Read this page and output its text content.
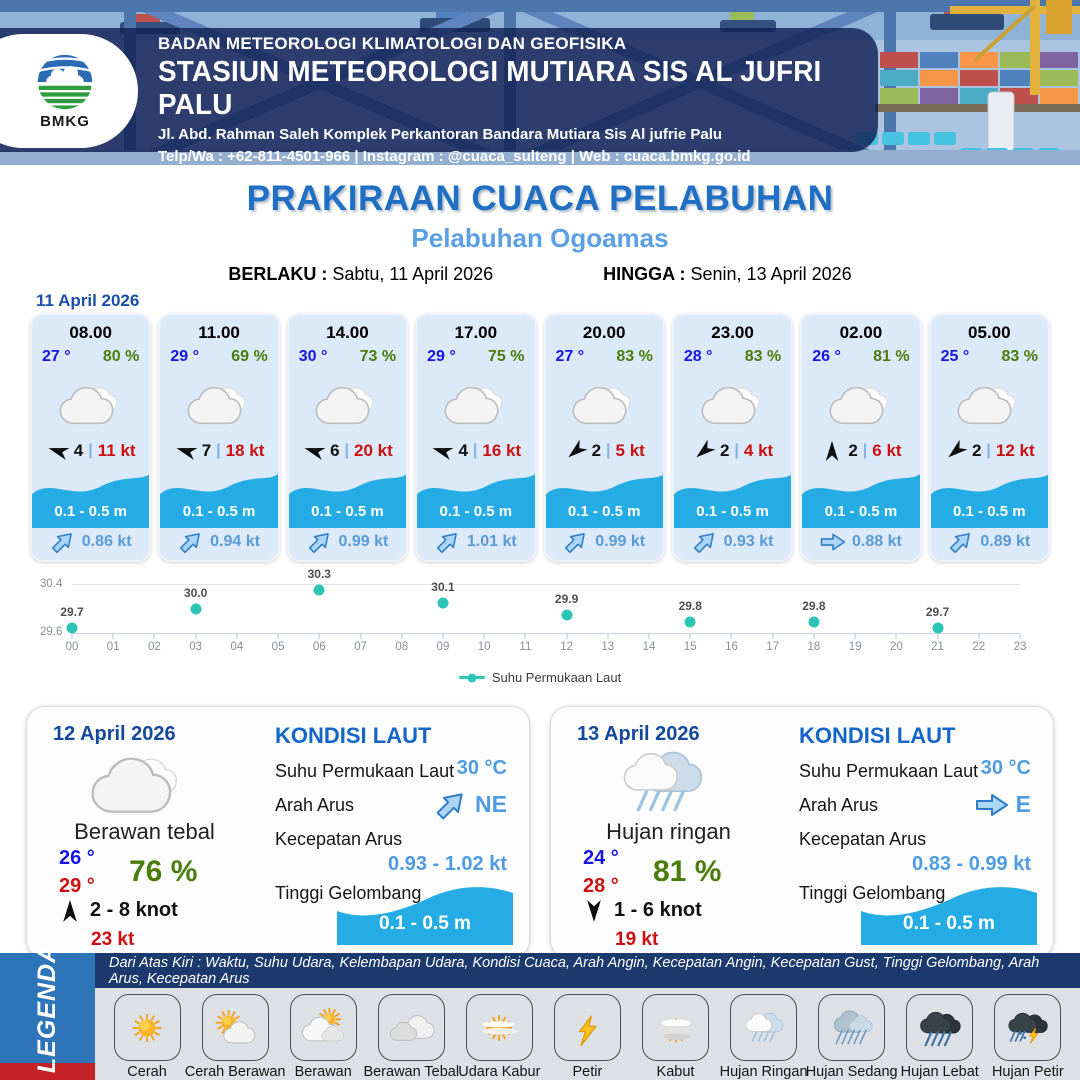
BMKG
BADAN METEOROLOGI KLIMATOLOGI DAN GEOFISIKA
STASIUN METEOROLOGI MUTIARA SIS AL JUFRI PALU
Jl. Abd. Rahman Saleh Komplek Perkantoran Bandara Mutiara Sis Al jufrie Palu
Telp/Wa : +62-811-4501-966 | Instagram : @cuaca_sulteng | Web : cuaca.bmkg.go.id
PRAKIRAAN CUACA PELABUHAN
Pelabuhan Ogoamas
BERLAKU : Sabtu, 11 April 2026	HINGGA : Senin, 13 April 2026
11 April 2026
08.00
27 ° 80 %
4 | 11 kt
0.1 - 0.5 m
0.86 kt
11.00
29 ° 69 %
7 | 18 kt
0.1 - 0.5 m
0.94 kt
14.00
30 ° 73 %
6 | 20 kt
0.1 - 0.5 m
0.99 kt
17.00
29 ° 75 %
4 | 16 kt
0.1 - 0.5 m
1.01 kt
20.00
27 ° 83 %
2 | 5 kt
0.1 - 0.5 m
0.99 kt
23.00
28 ° 83 %
2 | 4 kt
0.1 - 0.5 m
0.93 kt
02.00
26 ° 81 %
2 | 6 kt
0.1 - 0.5 m
0.88 kt
05.00
25 ° 83 %
2 | 12 kt
0.1 - 0.5 m
0.89 kt
29.7
30.0
30.3
30.1
29.9	29.8	29.8	29.7
30.4
29.6
00 01 02 03 04 05 06 07 08 09 10	11	12 13 14 15 16 17 18 19 20 21 22 23
Suhu Permukaan Laut
12 April 2026
Berawan tebal
26 °
29 ° 76 %
2 - 8 knot
23 kt
KONDISI LAUT
Suhu Permukaan Laut 30 °C
Arah Arus	NE
Kecepatan Arus
0.93 - 1.02 kt
Tinggi Gelombang
0.1 - 0.5 m
13 April 2026
Hujan ringan
24 °
28 ° 81 %
1 - 6 knot
19 kt
KONDISI LAUT
Suhu Permukaan Laut 30 °C
Arah Arus	E
Kecepatan Arus
0.83 - 0.99 kt
Tinggi Gelombang
0.1 - 0.5 m
LEGENDA	Dari Atas Kiri : Waktu, Suhu Udara, Kelembapan Udara, Kondisi Cuaca, Arah Angin, Kecepatan Angin, Kecepatan Gust, Tinggi Gelombang, Arah Arus, Kecepatan Arus
Cerah Cerah Berawan Berawan Berawan Tebal Udara Kabur Petir	Kabut Hujan Ringan
Hujan Sedang Hujan Lebat Hujan Petir
